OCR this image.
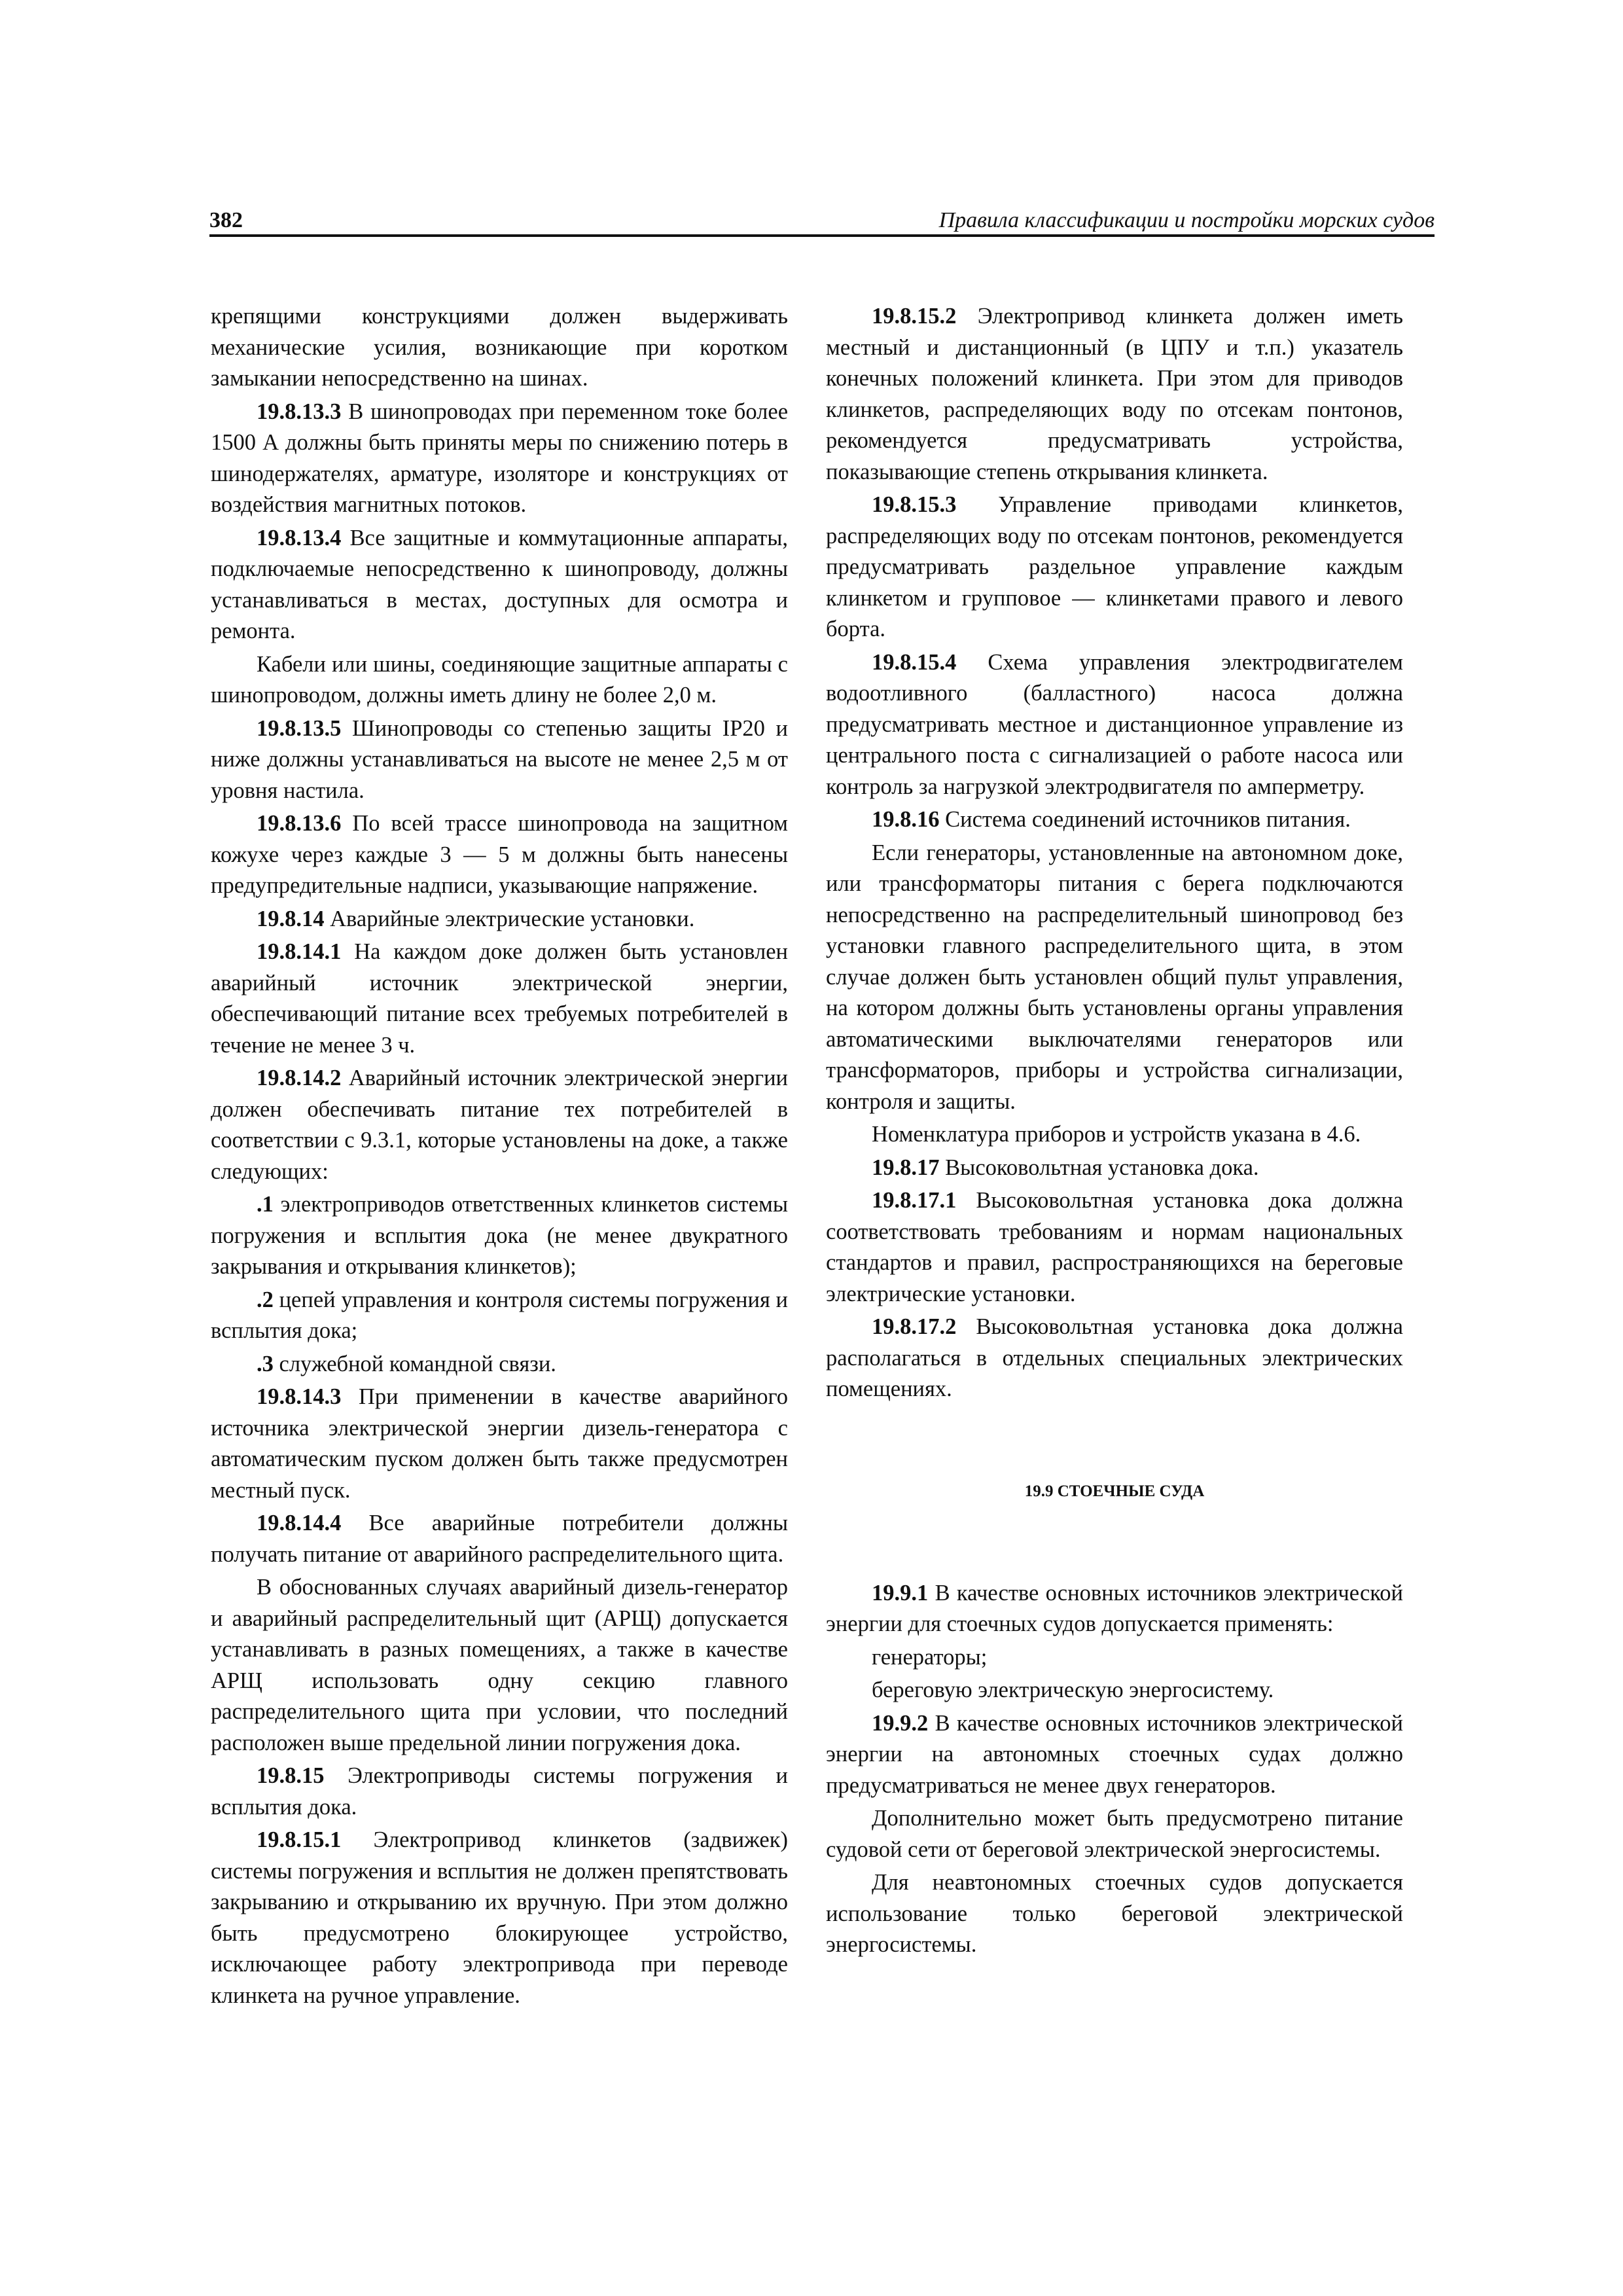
382	Правила классификации и постройки морских судов

крепящими конструкциями должен выдерживать механические усилия, возникающие при коротком замыкании непосредственно на шинах.

19.8.13.3 В шинопроводах при переменном токе более 1500 А должны быть приняты меры по снижению потерь в шинодержателях, арматуре, изоляторе и конструкциях от воздействия магнитных потоков.

19.8.13.4 Все защитные и коммутационные аппараты, подключаемые непосредственно к шинопроводу, должны устанавливаться в местах, доступных для осмотра и ремонта.

Кабели или шины, соединяющие защитные аппараты с шинопроводом, должны иметь длину не более 2,0 м.

19.8.13.5 Шинопроводы со степенью защиты IP20 и ниже должны устанавливаться на высоте не менее 2,5 м от уровня настила.

19.8.13.6 По всей трассе шинопровода на защитном кожухе через каждые 3 — 5 м должны быть нанесены предупредительные надписи, указывающие напряжение.

19.8.14 Аварийные электрические установки.

19.8.14.1 На каждом доке должен быть установлен аварийный источник электрической энергии, обеспечивающий питание всех требуемых потребителей в течение не менее 3 ч.

19.8.14.2 Аварийный источник электрической энергии должен обеспечивать питание тех потребителей в соответствии с 9.3.1, которые установлены на доке, а также следующих:

.1 электроприводов ответственных клинкетов системы погружения и всплытия дока (не менее двукратного закрывания и открывания клинкетов);

.2 цепей управления и контроля системы погружения и всплытия дока;

.3 служебной командной связи.

19.8.14.3 При применении в качестве аварийного источника электрической энергии дизель-генератора с автоматическим пуском должен быть также предусмотрен местный пуск.

19.8.14.4 Все аварийные потребители должны получать питание от аварийного распределительного щита.

В обоснованных случаях аварийный дизель-генератор и аварийный распределительный щит (АРЩ) допускается устанавливать в разных помещениях, а также в качестве АРЩ использовать одну секцию главного распределительного щита при условии, что последний расположен выше предельной линии погружения дока.

19.8.15 Электроприводы системы погружения и всплытия дока.

19.8.15.1 Электропривод клинкетов (задвижек) системы погружения и всплытия не должен препятствовать закрыванию и открыванию их вручную. При этом должно быть предусмотрено блокирующее устройство, исключающее работу электропривода при переводе клинкета на ручное управление.

19.8.15.2 Электропривод клинкета должен иметь местный и дистанционный (в ЦПУ и т.п.) указатель конечных положений клинкета. При этом для приводов клинкетов, распределяющих воду по отсекам понтонов, рекомендуется предусматривать устройства, показывающие степень открывания клинкета.

19.8.15.3 Управление приводами клинкетов, распределяющих воду по отсекам понтонов, рекомендуется предусматривать раздельное управление каждым клинкетом и групповое — клинкетами правого и левого борта.

19.8.15.4 Схема управления электродвигателем водоотливного (балластного) насоса должна предусматривать местное и дистанционное управление из центрального поста с сигнализацией о работе насоса или контроль за нагрузкой электродвигателя по амперметру.

19.8.16 Система соединений источников питания.

Если генераторы, установленные на автономном доке, или трансформаторы питания с берега подключаются непосредственно на распределительный шинопровод без установки главного распределительного щита, в этом случае должен быть установлен общий пульт управления, на котором должны быть установлены органы управления автоматическими выключателями генераторов или трансформаторов, приборы и устройства сигнализации, контроля и защиты.

Номенклатура приборов и устройств указана в 4.6.

19.8.17 Высоковольтная установка дока.

19.8.17.1 Высоковольтная установка дока должна соответствовать требованиям и нормам национальных стандартов и правил, распространяющихся на береговые электрические установки.

19.8.17.2 Высоковольтная установка дока должна располагаться в отдельных специальных электрических помещениях.

19.9 СТОЕЧНЫЕ СУДА

19.9.1 В качестве основных источников электрической энергии для стоечных судов допускается применять:

генераторы;

береговую электрическую энергосистему.

19.9.2 В качестве основных источников электрической энергии на автономных стоечных судах должно предусматриваться не менее двух генераторов.

Дополнительно может быть предусмотрено питание судовой сети от береговой электрической энергосистемы.

Для неавтономных стоечных судов допускается использование только береговой электрической энергосистемы.
